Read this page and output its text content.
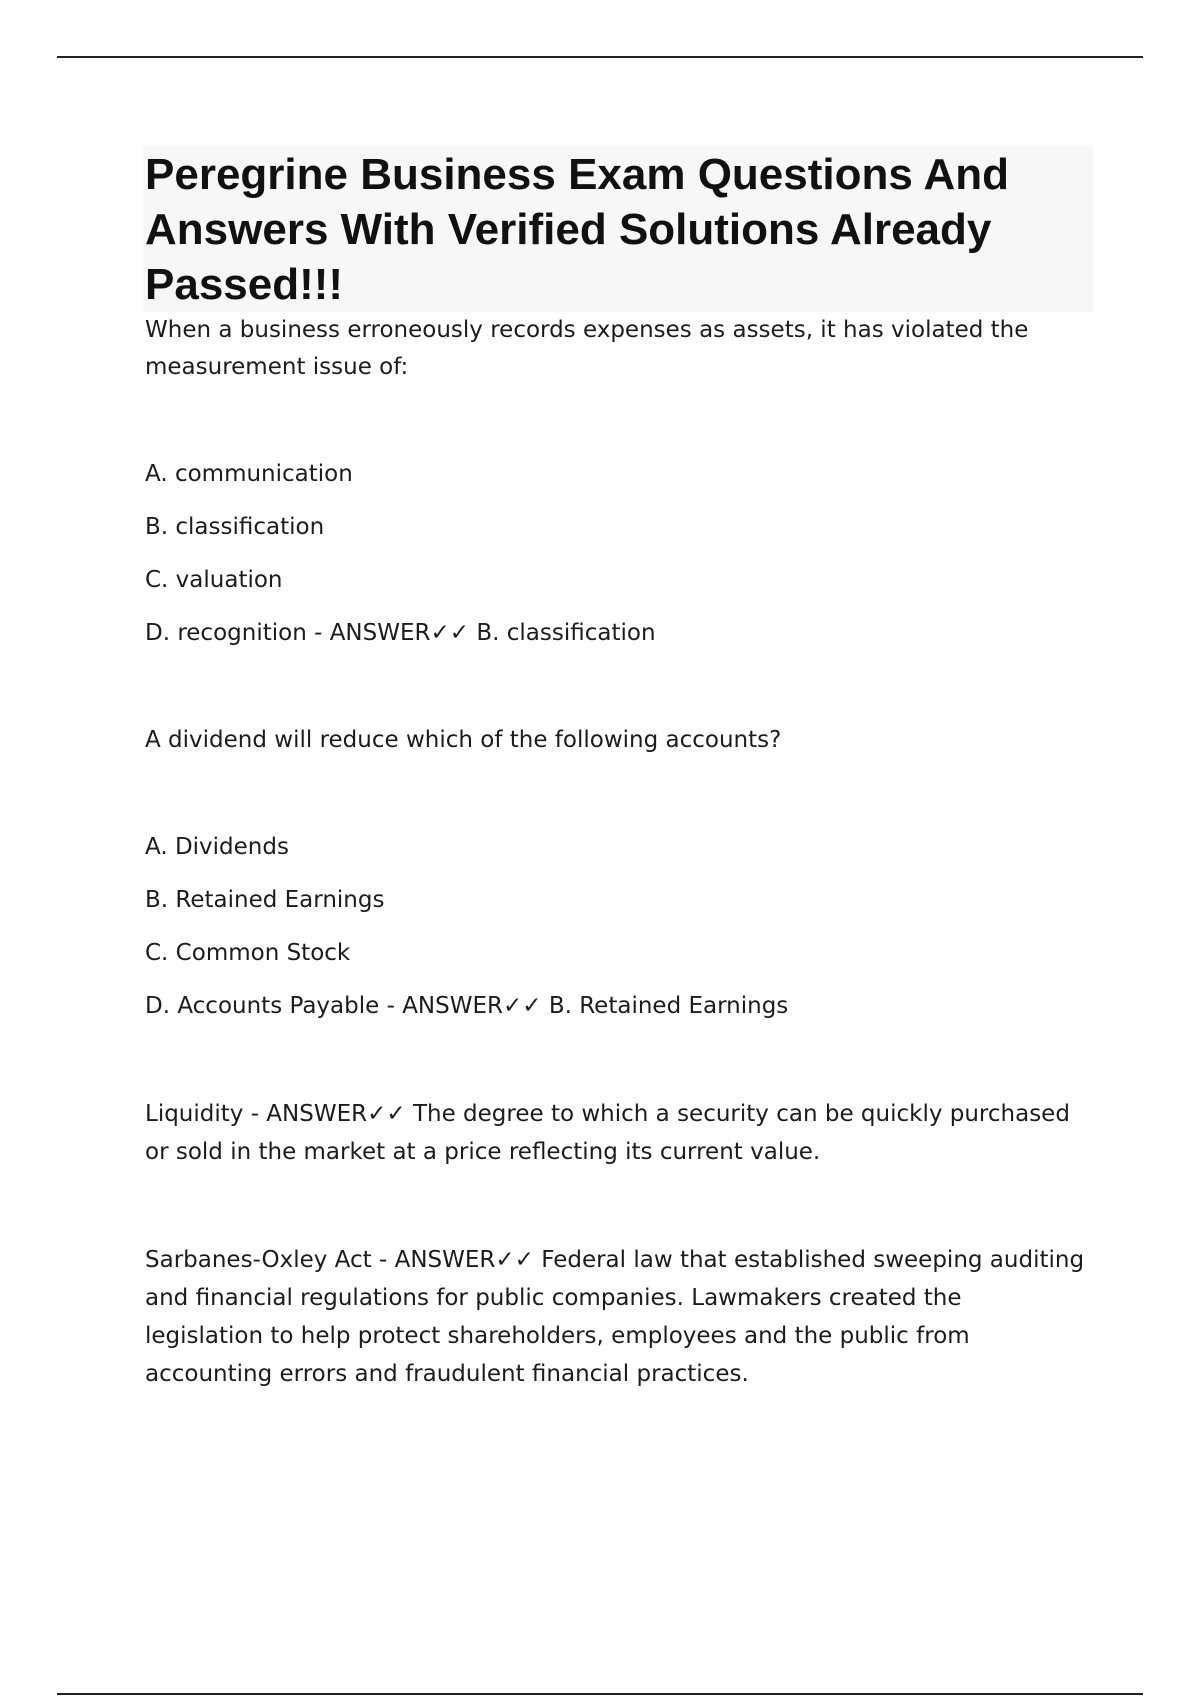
Peregrine Business Exam Questions And Answers With Verified Solutions Already Passed!!!

When a business erroneously records expenses as assets, it has violated the measurement issue of:

A. communication

B. classification

C. valuation

D. recognition - ANSWER✓✓ B. classification

A dividend will reduce which of the following accounts?

A. Dividends

B. Retained Earnings

C. Common Stock

D. Accounts Payable - ANSWER✓✓ B. Retained Earnings

Liquidity - ANSWER✓✓ The degree to which a security can be quickly purchased or sold in the market at a price reflecting its current value.

Sarbanes-Oxley Act - ANSWER✓✓ Federal law that established sweeping auditing and financial regulations for public companies. Lawmakers created the legislation to help protect shareholders, employees and the public from accounting errors and fraudulent financial practices.
